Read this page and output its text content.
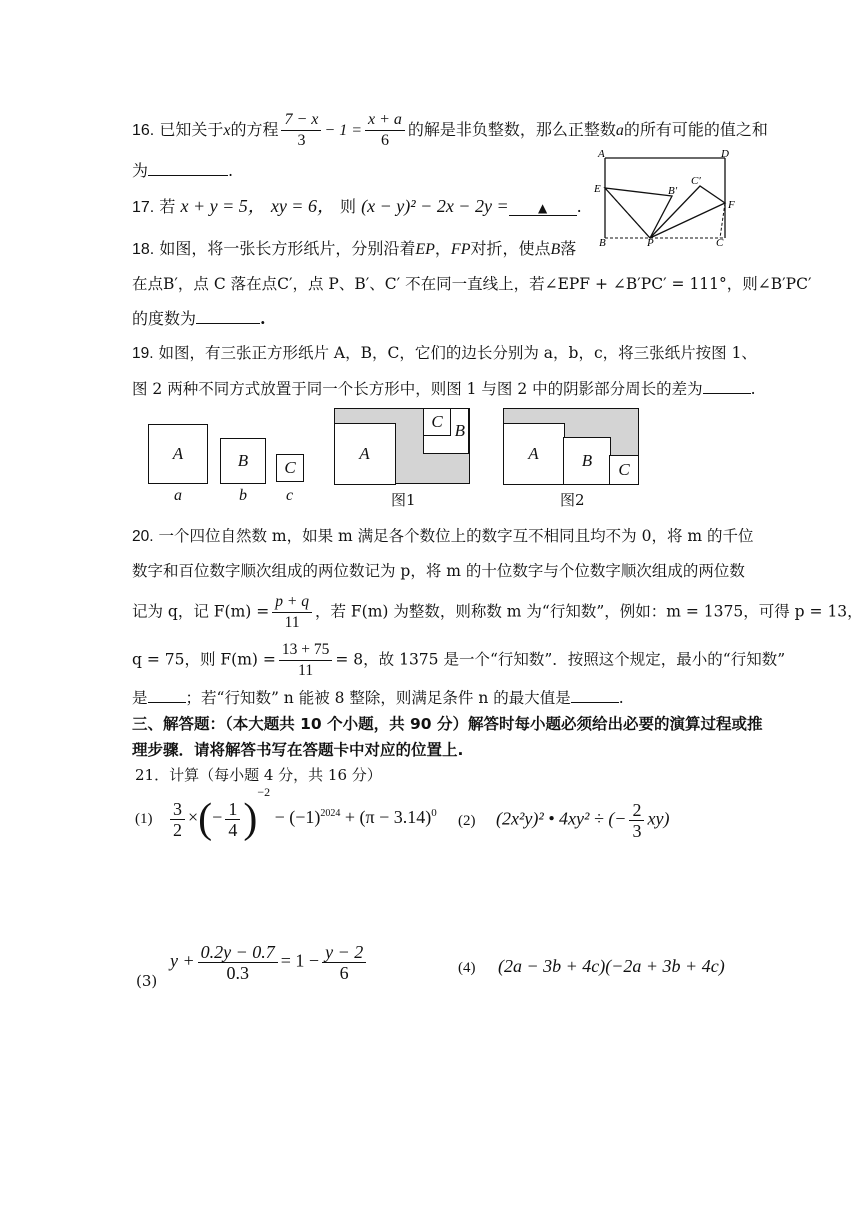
16. 已知关于x的方程 $\frac{7 - x}{3} - 1 = \frac{x + a}{6}$ 的解是非负整数，那么正整数a的所有可能的值之和
为	.
A	D
E
F
B′
C′
B	P	C
17. 若 x + y = 5， xy = 6， 则 (x − y)² − 2x − 2y = ▲ .
18. 如图，将一张长方形纸片，分别沿着EP，FP对折，使点B落
在点B′，点 C 落在点C′，点 P、B′、C′ 不在同一直线上，若∠EPF + ∠B′PC′ = 111°，则∠B′PC′
的度数为	.
19. 如图，有三张正方形纸片 A，B，C，它们的边长分别为 a，b，c，将三张纸片按图 1、
图 2 两种不同方式放置于同一个长方形中，则图 1 与图 2 中的阴影部分周长的差为	.
A
a
B
b
C
c
A
B
C
图1
A	B	C
图2
20. 一个四位自然数 m，如果 m 满足各个数位上的数字互不相同且均不为 0，将 m 的千位
数字和百位数字顺次组成的两位数记为 p，将 m 的十位数字与个位数字顺次组成的两位数
记为 q，记 $F(m) = \frac{p + q}{11}$ ，若 F(m) 为整数，则称数 m 为“行知数”，例如：m = 1375，可得 p = 13，
q = 75，则 $F(m) = \frac{13 + 75}{11} = 8$，故 1375 是一个“行知数”．按照这个规定，最小的“行知数”
是 ；若“行知数” n 能被 8 整除，则满足条件 n 的最大值是	.
三、解答题：（本大题共 10 个小题，共 90 分）解答时每小题必须给出必要的演算过程或推
理步骤．请将解答书写在答题卡中对应的位置上.
21．计算（每小题 4 分，共 16 分）
$(1) \frac{3}{2}$ ×(− $\frac{1}{4} )^{-2} - (-1)^{2024} + (\pi - 3.14)^0$ (2) (2x²y)² • 4xy² ÷ (− $\frac{2}{3} xy$)
(3)
$y + \frac{0.2y - 0.7}{0.3} = 1 - \frac{y - 2}{6}$	(4) (2a − 3b + 4c)(−2a + 3b + 4c)
